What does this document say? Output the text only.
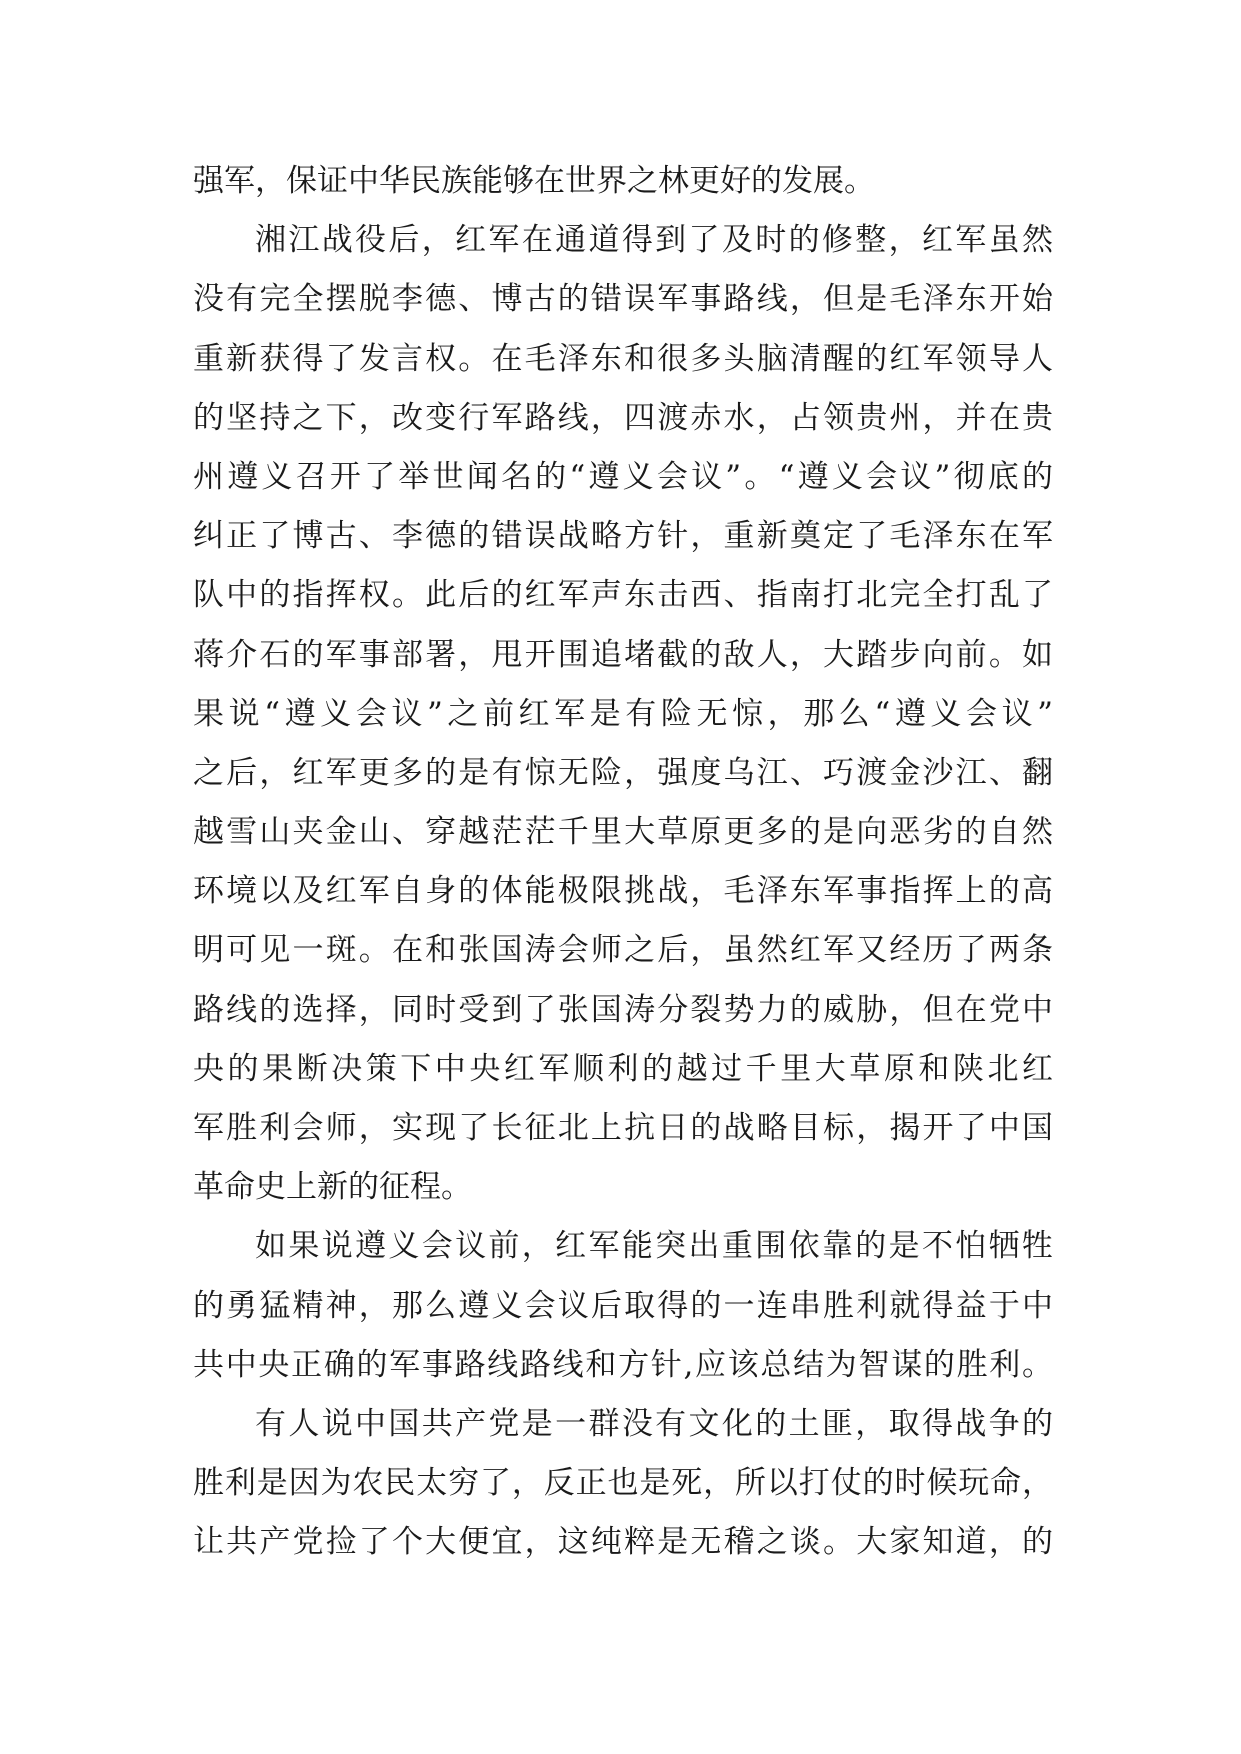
强军，保证中华民族能够在世界之林更好的发展。
湘江战役后，红军在通道得到了及时的修整，红军虽然
没有完全摆脱李德、博古的错误军事路线，但是毛泽东开始
重新获得了发言权。在毛泽东和很多头脑清醒的红军领导人
的坚持之下，改变行军路线，四渡赤水，占领贵州，并在贵
州遵义召开了举世闻名的“遵义会议”。“遵义会议”彻底的
纠正了博古、李德的错误战略方针，重新奠定了毛泽东在军
队中的指挥权。此后的红军声东击西、指南打北完全打乱了
蒋介石的军事部署，甩开围追堵截的敌人，大踏步向前。如
果说“遵义会议”之前红军是有险无惊，那么“遵义会议”
之后，红军更多的是有惊无险，强度乌江、巧渡金沙江、翻
越雪山夹金山、穿越茫茫千里大草原更多的是向恶劣的自然
环境以及红军自身的体能极限挑战，毛泽东军事指挥上的高
明可见一斑。在和张国涛会师之后，虽然红军又经历了两条
路线的选择，同时受到了张国涛分裂势力的威胁，但在党中
央的果断决策下中央红军顺利的越过千里大草原和陕北红
军胜利会师，实现了长征北上抗日的战略目标，揭开了中国
革命史上新的征程。
如果说遵义会议前，红军能突出重围依靠的是不怕牺牲
的勇猛精神，那么遵义会议后取得的一连串胜利就得益于中
共中央正确的军事路线路线和方针,应该总结为智谋的胜利。
有人说中国共产党是一群没有文化的土匪，取得战争的
胜利是因为农民太穷了，反正也是死，所以打仗的时候玩命，
让共产党捡了个大便宜，这纯粹是无稽之谈。大家知道，的
